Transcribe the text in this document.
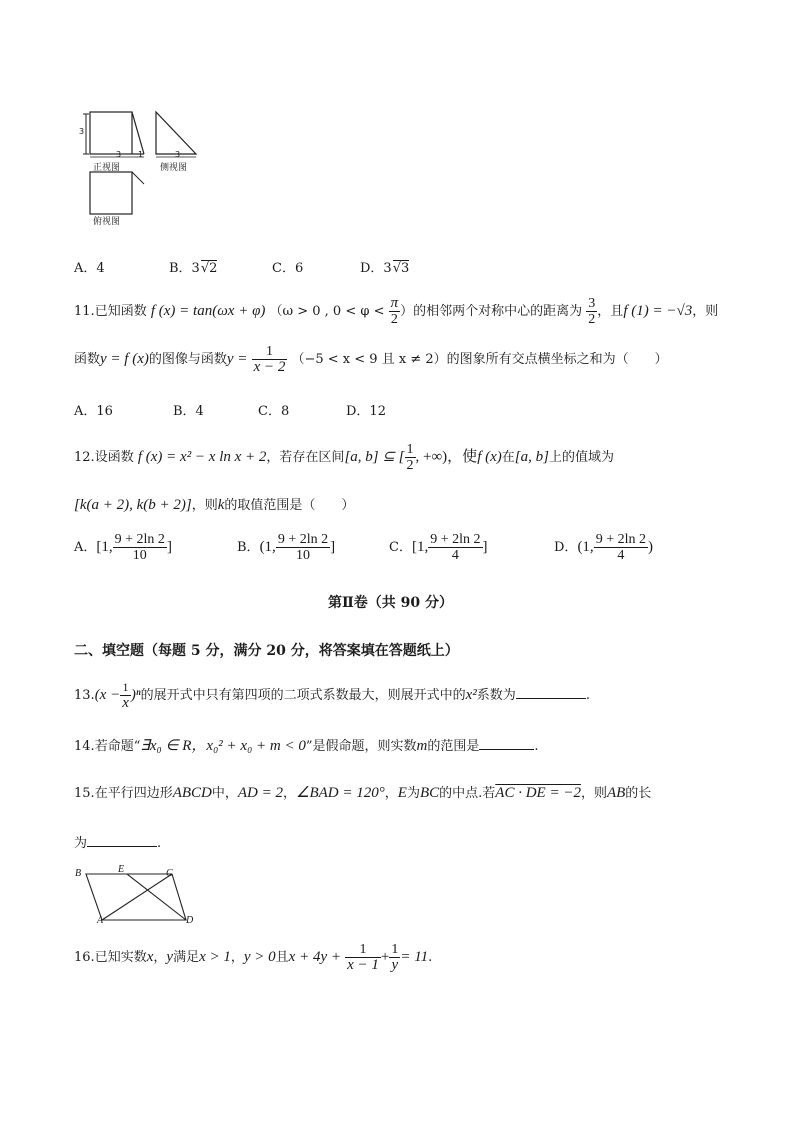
3
3 1	3
正视图	侧视图
俯视图
A．4	B．3√2	C．6	D．3√3
11.已知函数 f (x) = tan(ωx + φ) （ω > 0 , $0 < \varphi < \frac{\pi}{2}$ ）的相邻两个对称中心的距离为 $\frac{3}{2}$ ，且f (1) = −√3，则
函数y = f (x)的图像与函数$y = \frac{1}{x - 2} (-5 < x < 9$ 且 x ≠ 2）的图象所有交点横坐标之和为（　　）
A．16	B．4	C．8	D．12
12.设函数 f (x) = x² − x ln x + 2，若存在区间[a, b] ⊆ [ $\frac{1}{2}$ , +∞)，使f (x)在[a, b]上的值域为
[k(a + 2), k(b + 2)]，则k的取值范围是（　　）
A．[1, $\frac{9 + 2\ln 2}{10}$ ]	B．(1, $\frac{9 + 2\ln 2}{10}$ ]	C．[1, $\frac{9 + 2\ln 2}{4}$ ]	D．(1, $\frac{9 + 2\ln 2}{4}$ )
第Ⅱ卷（共 90 分）
二、填空题（每题 5 分，满分 20 分，将答案填在答题纸上）
$13.(x - \frac{1}{x} )^n$的展开式中只有第四项的二项式系数最大，则展开式中的x²系数为	.
14.若命题“∃x₀ ∈ R，x₀² + x₀ + m < 0”是假命题，则实数m的范围是	.
15.在平行四边形ABCD中，AD = 2，∠BAD = 120°，E为BC的中点.若AC · DE = −2，则AB的长
为	.
B	E	C
A	D
16.已知实数x，y满足x > 1，y > 0且$x + 4y + \frac{1}{x - 1} + \frac{1}{y} = 11$.
